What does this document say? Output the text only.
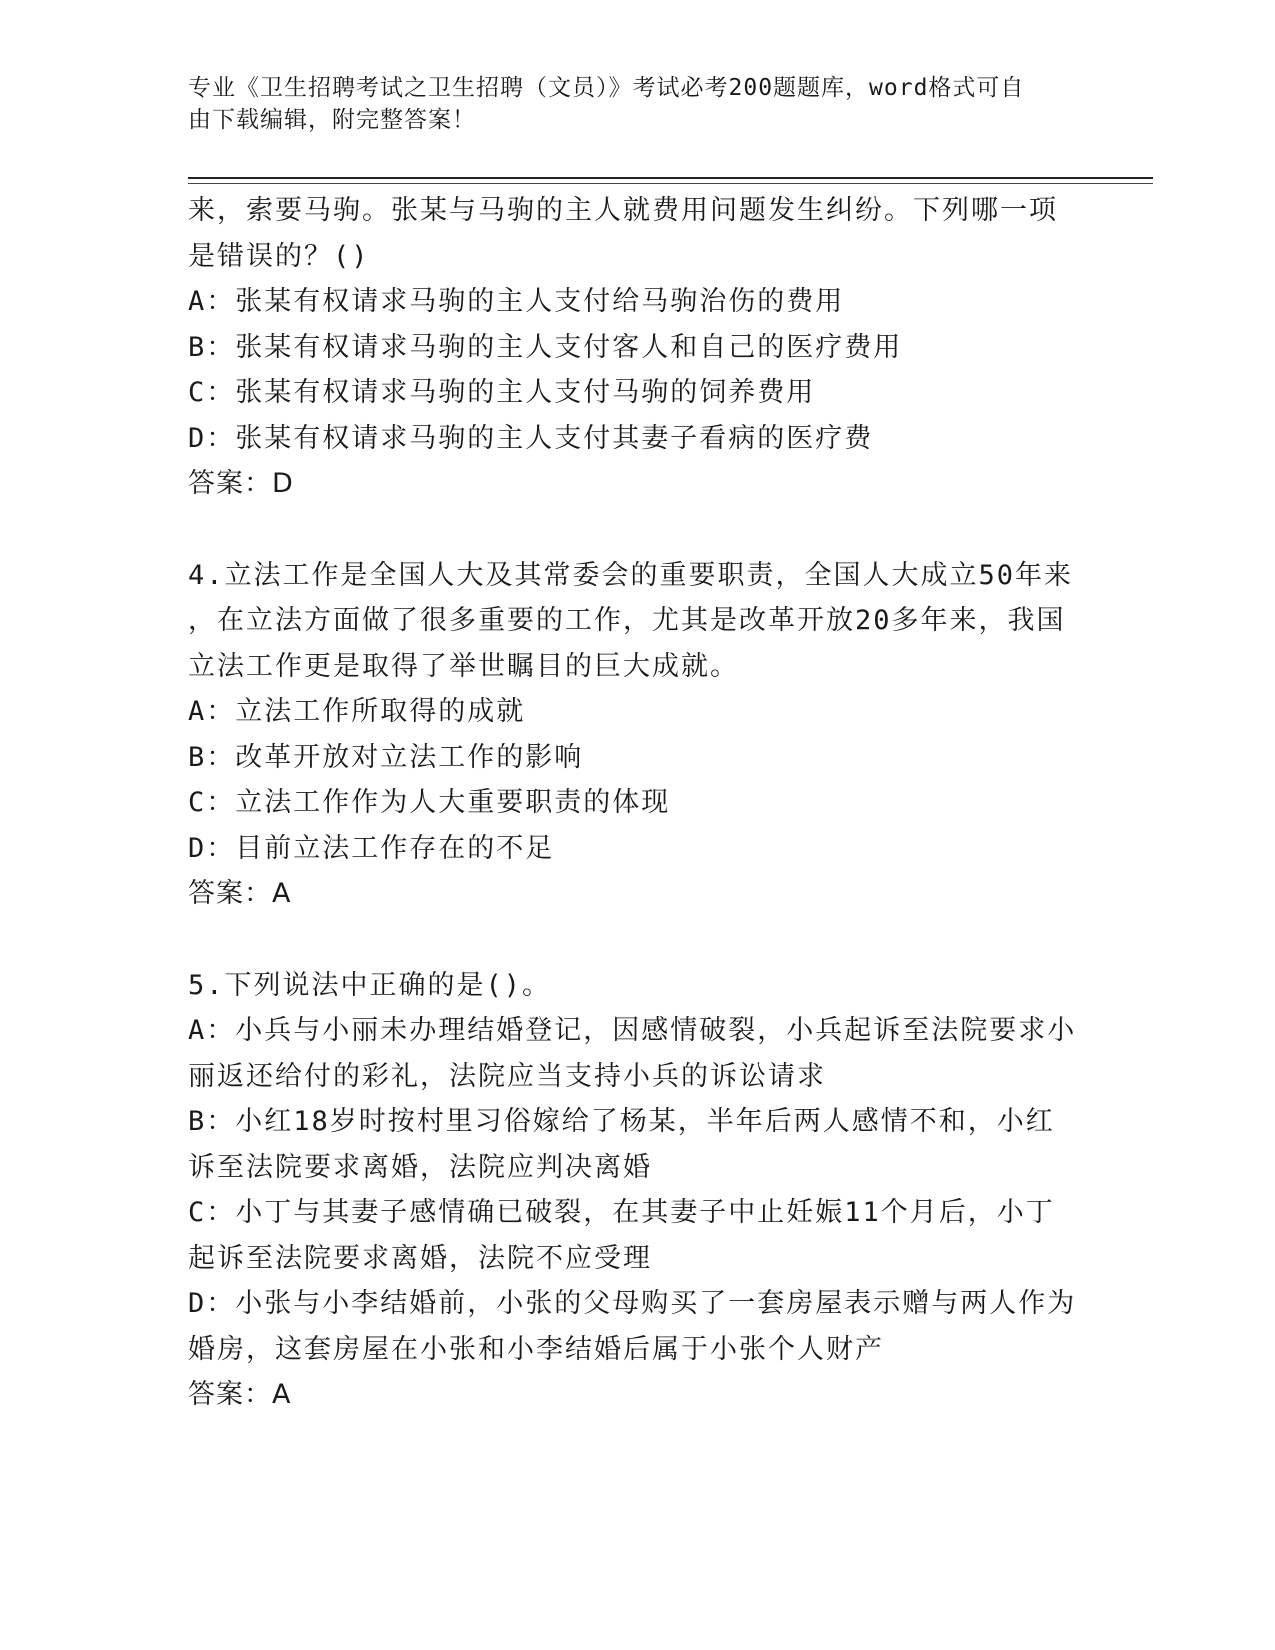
专业《卫生招聘考试之卫生招聘（文员）》考试必考200题题库，word格式可自
由下载编辑，附完整答案！
来，索要马驹。张某与马驹的主人就费用问题发生纠纷。下列哪一项
是错误的？()
A：张某有权请求马驹的主人支付给马驹治伤的费用
B：张某有权请求马驹的主人支付客人和自己的医疗费用
C：张某有权请求马驹的主人支付马驹的饲养费用
D：张某有权请求马驹的主人支付其妻子看病的医疗费
答案：D
4.立法工作是全国人大及其常委会的重要职责，全国人大成立50年来
，在立法方面做了很多重要的工作，尤其是改革开放20多年来，我国
立法工作更是取得了举世瞩目的巨大成就。
A：立法工作所取得的成就
B：改革开放对立法工作的影响
C：立法工作作为人大重要职责的体现
D：目前立法工作存在的不足
答案：A
5.下列说法中正确的是()。
A：小兵与小丽未办理结婚登记，因感情破裂，小兵起诉至法院要求小
丽返还给付的彩礼，法院应当支持小兵的诉讼请求
B：小红18岁时按村里习俗嫁给了杨某，半年后两人感情不和，小红
诉至法院要求离婚，法院应判决离婚
C：小丁与其妻子感情确已破裂，在其妻子中止妊娠11个月后，小丁
起诉至法院要求离婚，法院不应受理
D：小张与小李结婚前，小张的父母购买了一套房屋表示赠与两人作为
婚房，这套房屋在小张和小李结婚后属于小张个人财产
答案：A
